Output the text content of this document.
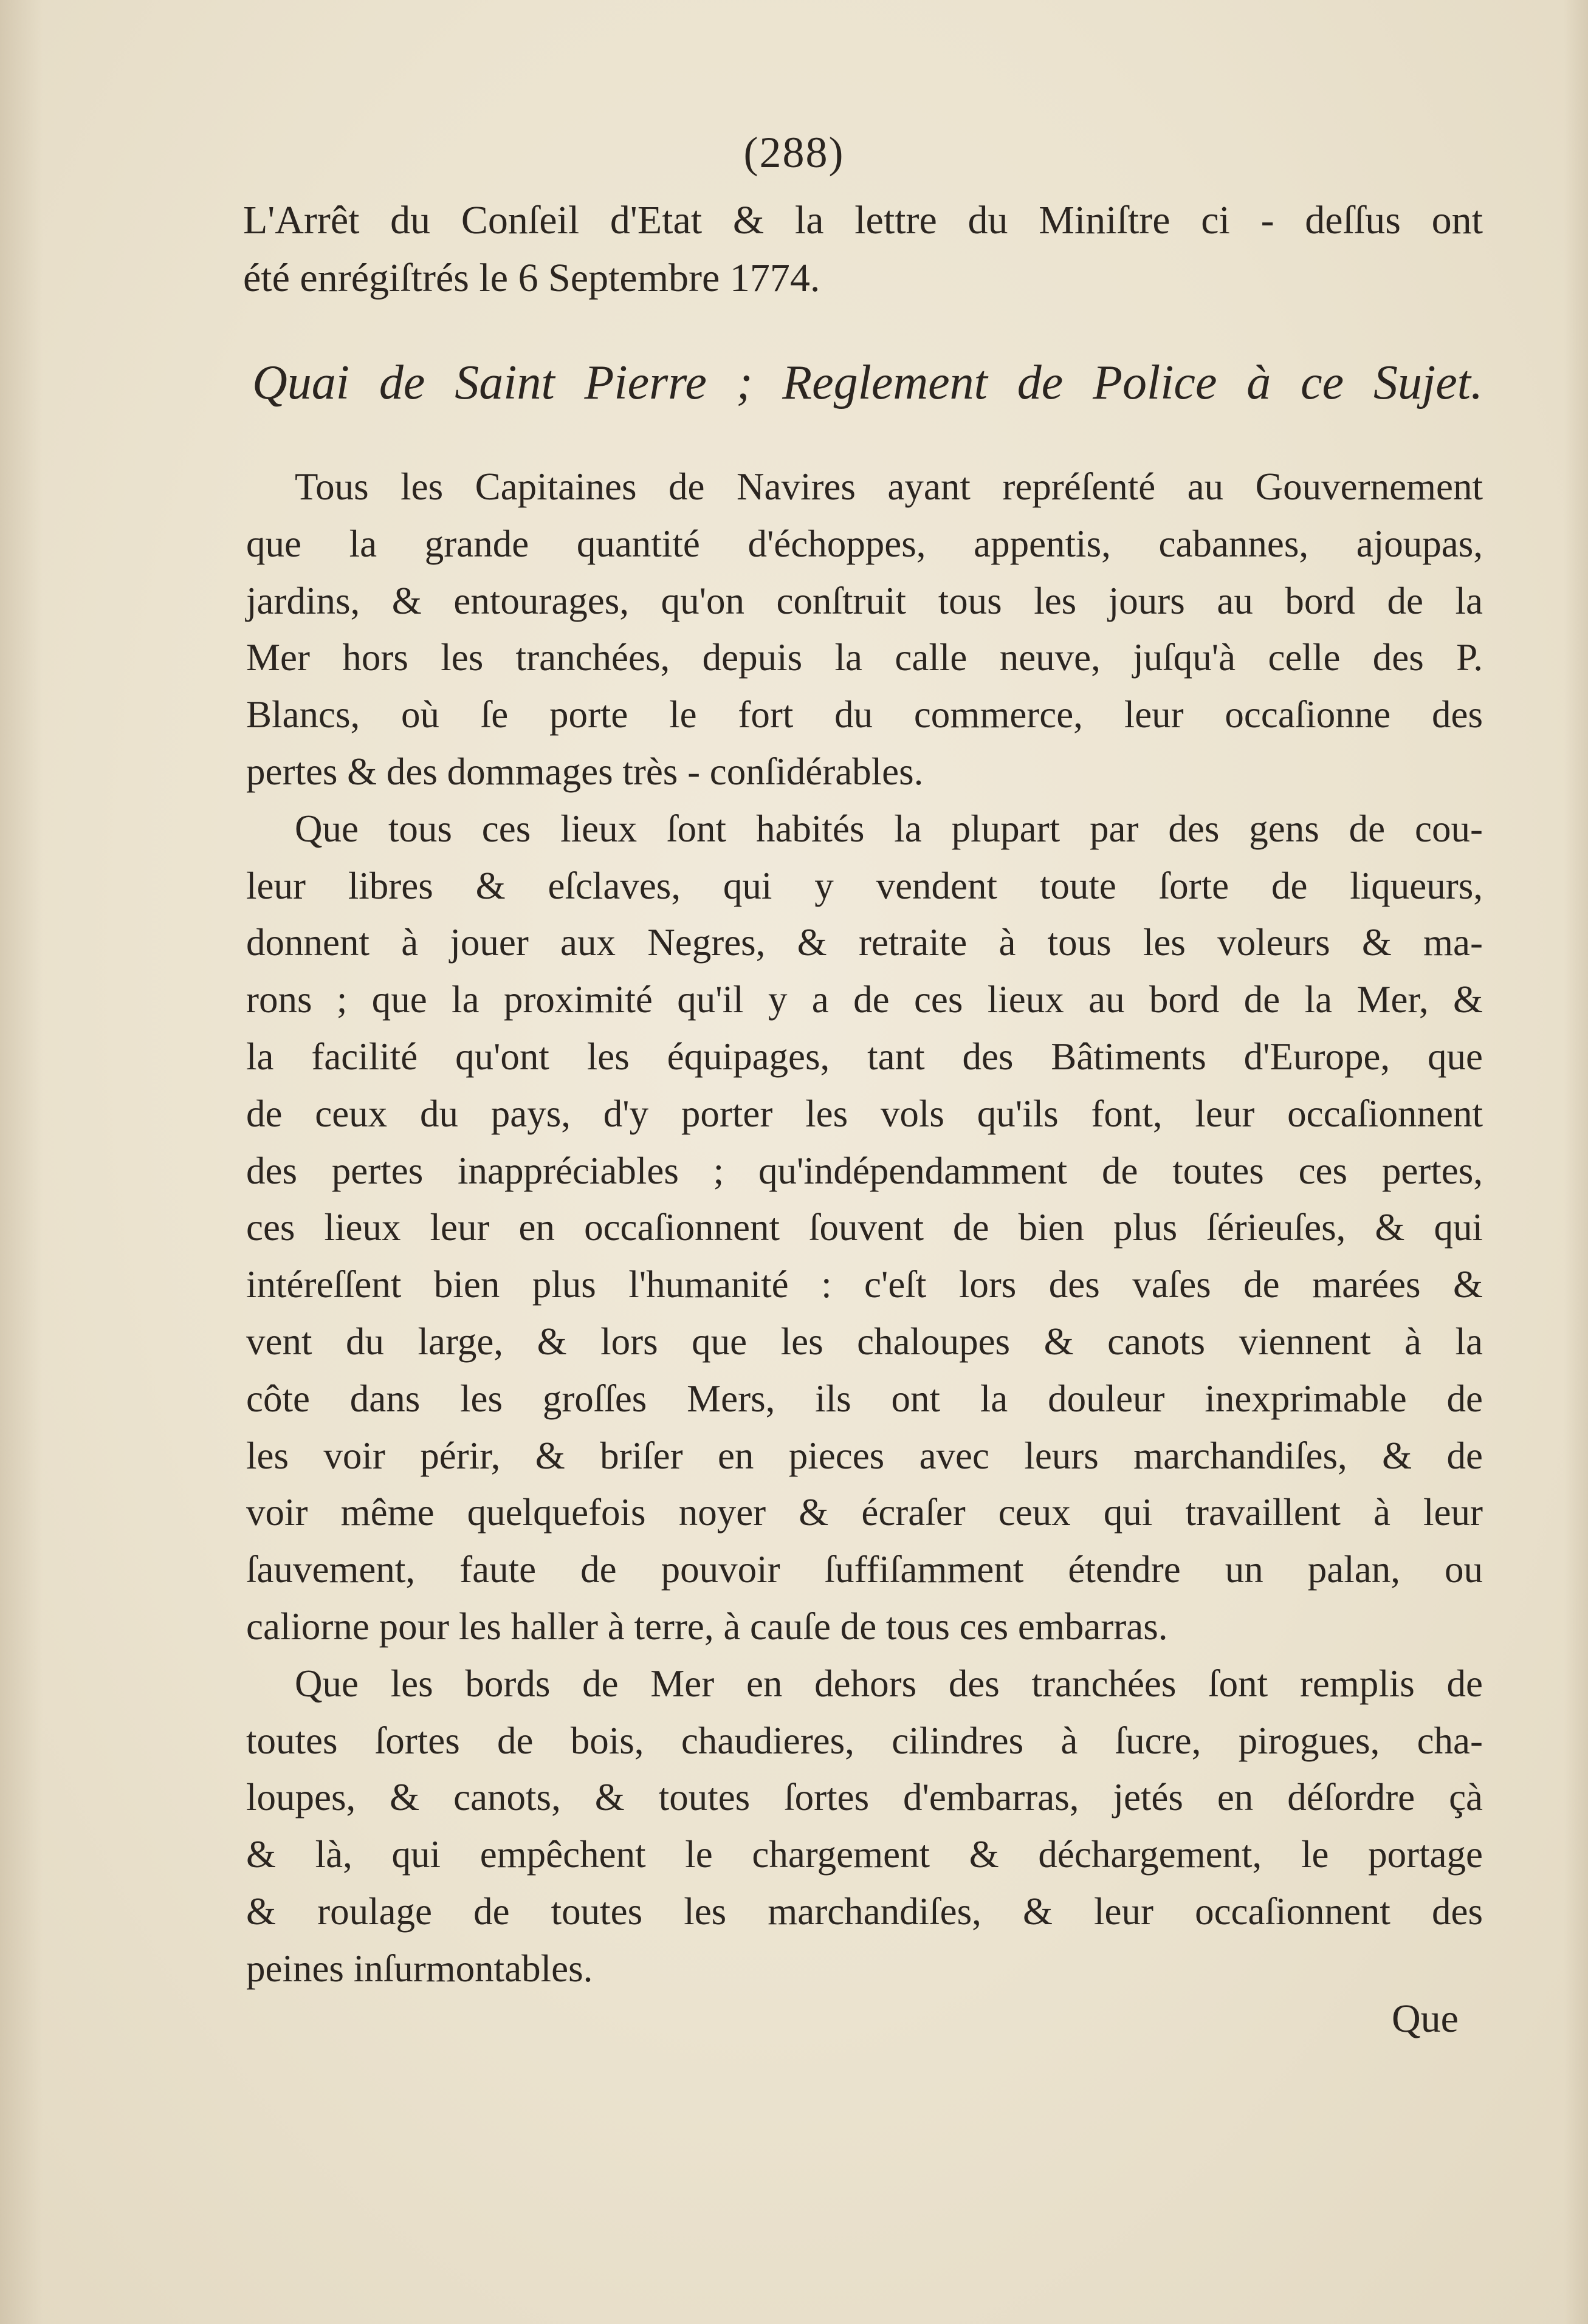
(288)
L'Arrêt du Conſeil d'Etat & la lettre du Miniſtre ci - deſſus ont
été enrégiſtrés le 6 Septembre 1774.
Quai de Saint Pierre ; Reglement de Police à ce Sujet.
Tous les Capitaines de Navires ayant repréſenté au Gouvernement
que la grande quantité d'échoppes, appentis, cabannes, ajoupas,
jardins, & entourages, qu'on conſtruit tous les jours au bord de la
Mer hors les tranchées, depuis la calle neuve, juſqu'à celle des P.
Blancs, où ſe porte le fort du commerce, leur occaſionne des
pertes & des dommages très - conſidérables.
Que tous ces lieux ſont habités la plupart par des gens de cou-
leur libres & eſclaves, qui y vendent toute ſorte de liqueurs,
donnent à jouer aux Negres, & retraite à tous les voleurs & ma-
rons ; que la proximité qu'il y a de ces lieux au bord de la Mer, &
la facilité qu'ont les équipages, tant des Bâtiments d'Europe, que
de ceux du pays, d'y porter les vols qu'ils font, leur occaſionnent
des pertes inappréciables ; qu'indépendamment de toutes ces pertes,
ces lieux leur en occaſionnent ſouvent de bien plus ſérieuſes, & qui
intéreſſent bien plus l'humanité : c'eſt lors des vaſes de marées &
vent du large, & lors que les chaloupes & canots viennent à la
côte dans les groſſes Mers, ils ont la douleur inexprimable de
les voir périr, & briſer en pieces avec leurs marchandiſes, & de
voir même quelquefois noyer & écraſer ceux qui travaillent à leur
ſauvement, faute de pouvoir ſuffiſamment étendre un palan, ou
caliorne pour les haller à terre, à cauſe de tous ces embarras.
Que les bords de Mer en dehors des tranchées ſont remplis de
toutes ſortes de bois, chaudieres, cilindres à ſucre, pirogues, cha-
loupes, & canots, & toutes ſortes d'embarras, jetés en déſordre çà
& là, qui empêchent le chargement & déchargement, le portage
& roulage de toutes les marchandiſes, & leur occaſionnent des
peines inſurmontables.
Que
